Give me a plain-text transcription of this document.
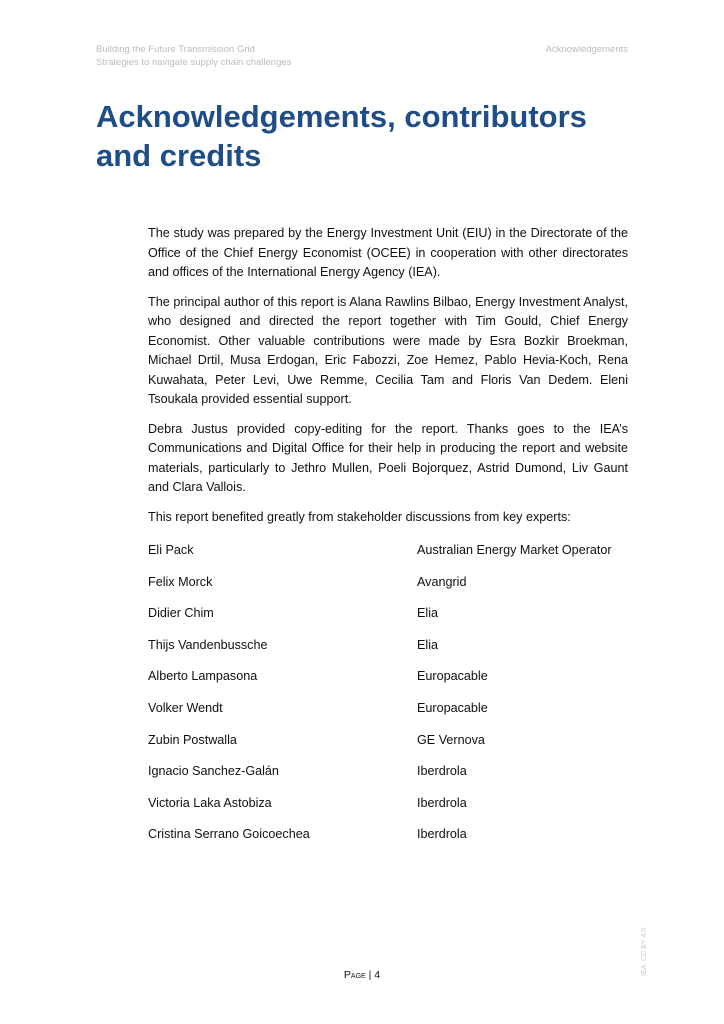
Building the Future Transmission Grid
Strategies to navigate supply chain challenges
Acknowledgements
Acknowledgements, contributors
and credits

The study was prepared by the Energy Investment Unit (EIU) in the Directorate of the Office of the Chief Energy Economist (OCEE) in cooperation with other directorates and offices of the International Energy Agency (IEA).

The principal author of this report is Alana Rawlins Bilbao, Energy Investment Analyst, who designed and directed the report together with Tim Gould, Chief Energy Economist. Other valuable contributions were made by Esra Bozkir Broekman, Michael Drtil, Musa Erdogan, Eric Fabozzi, Zoe Hemez, Pablo Hevia-Koch, Rena Kuwahata, Peter Levi, Uwe Remme, Cecilia Tam and Floris Van Dedem. Eleni Tsoukala provided essential support.

Debra Justus provided copy-editing for the report. Thanks goes to the IEA’s Communications and Digital Office for their help in producing the report and website materials, particularly to Jethro Mullen, Poeli Bojorquez, Astrid Dumond, Liv Gaunt and Clara Vallois.

This report benefited greatly from stakeholder discussions from key experts:

Eli Pack	Australian Energy Market Operator
Felix Morck	Avangrid
Didier Chim	Elia
Thijs Vandenbussche	Elia
Alberto Lampasona	Europacable
Volker Wendt	Europacable
Zubin Postwalla	GE Vernova
Ignacio Sanchez-Galán	Iberdrola
Victoria Laka Astobiza	Iberdrola
Cristina Serrano Goicoechea	Iberdrola
IEA. CC BY 4.0.
Page | 4
